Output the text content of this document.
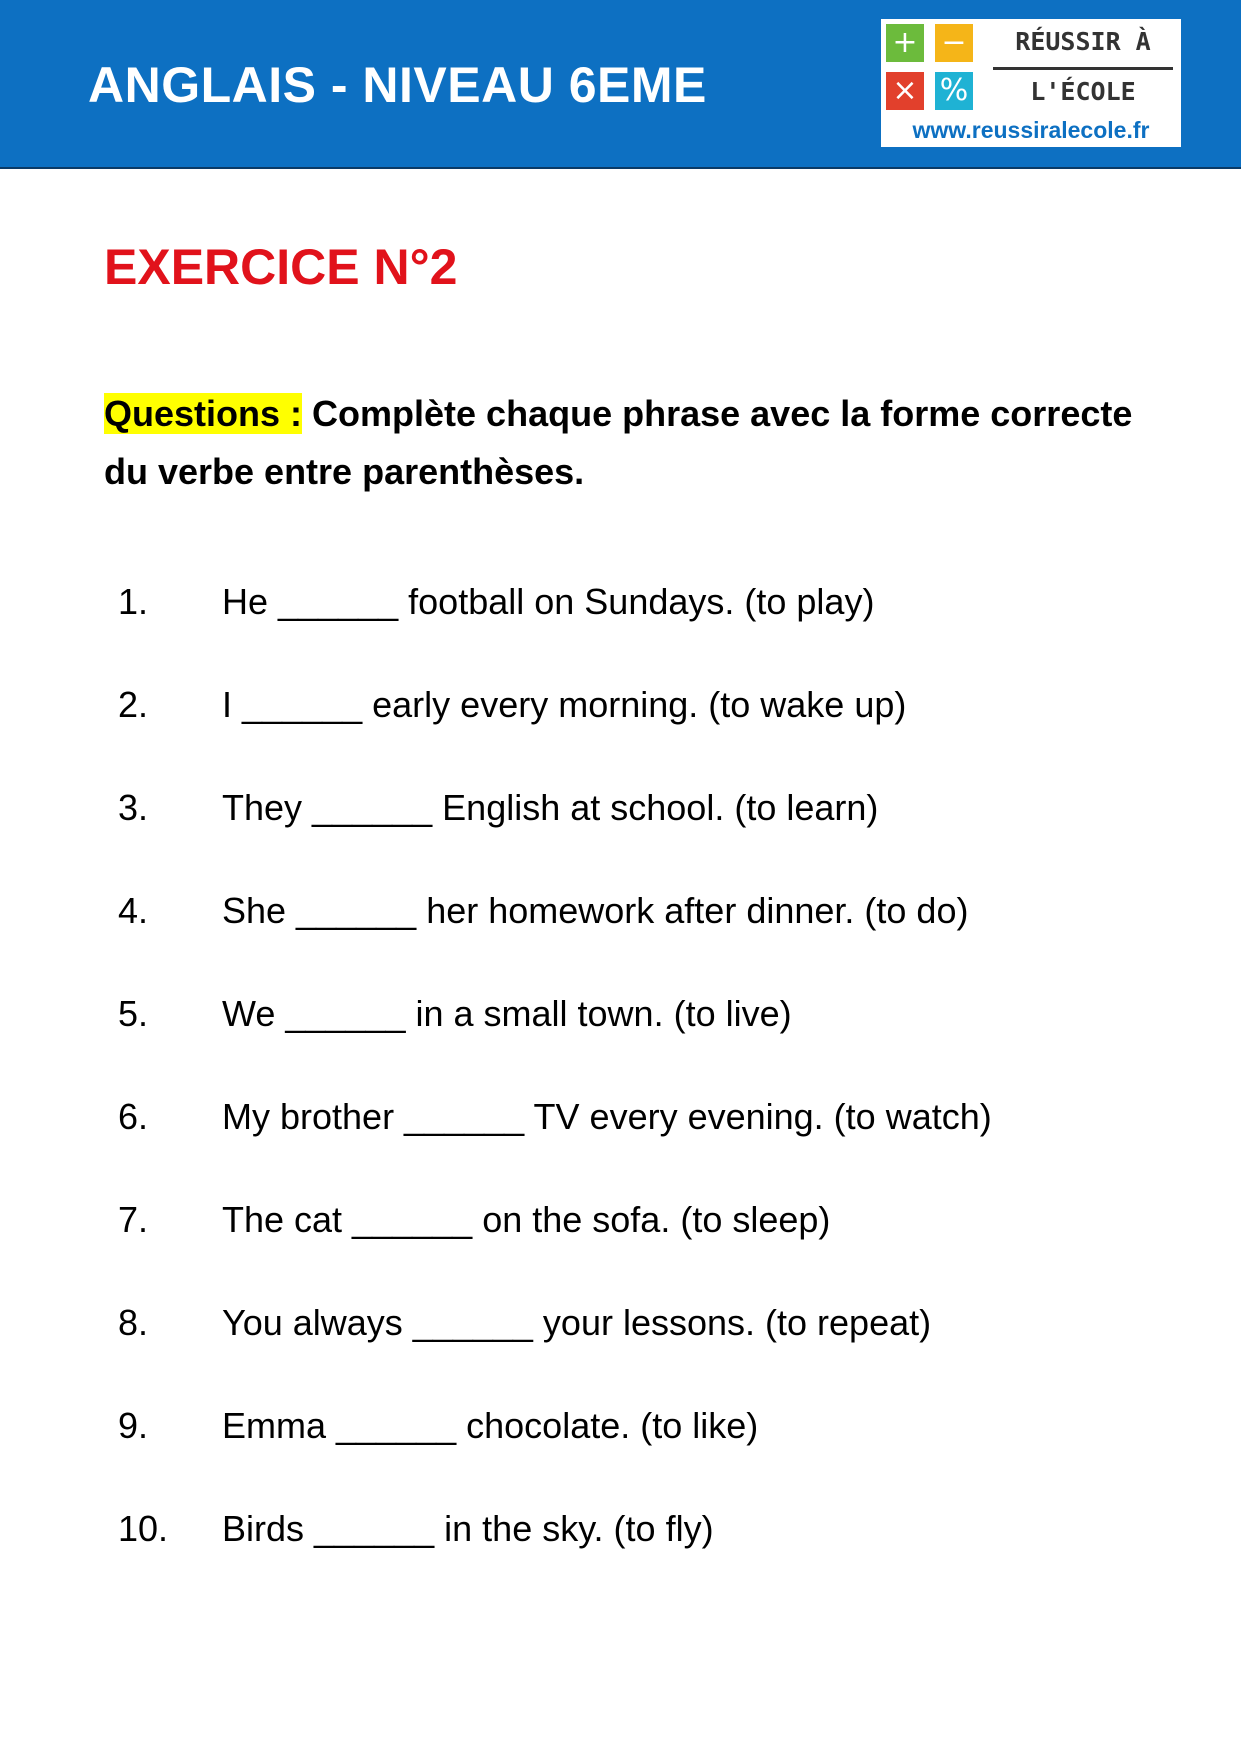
ANGLAIS - NIVEAU 6EME
+ −
× %
RÉUSSIR À
L'ÉCOLE
www.reussiralecole.fr
EXERCICE N°2
Questions : Complète chaque phrase avec la forme correcte du verbe entre parenthèses.
1. He ______ football on Sundays. (to play)
2. I ______ early every morning. (to wake up)
3. They ______ English at school. (to learn)
4. She ______ her homework after dinner. (to do)
5. We ______ in a small town. (to live)
6. My brother ______ TV every evening. (to watch)
7. The cat ______ on the sofa. (to sleep)
8. You always ______ your lessons. (to repeat)
9. Emma ______ chocolate. (to like)
10. Birds ______ in the sky. (to fly)
